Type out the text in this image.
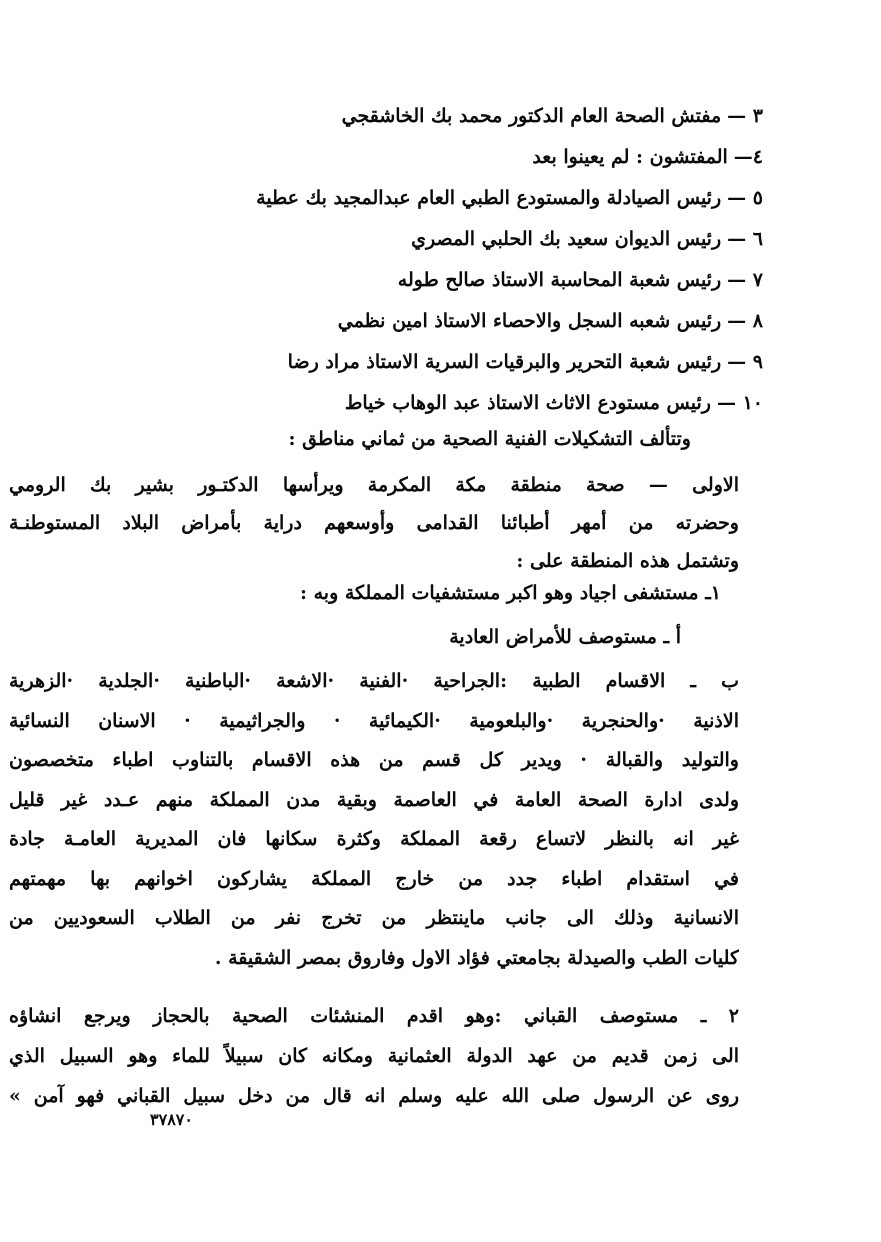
٣ —مفتش الصحة العام الدكتور محمد بك الخاشقجي
٤—المفتشون : لم يعينوا بعد
٥ —رئيس الصيادلة والمستودع الطبي العام عبدالمجيد بك عطية
٦ —رئيس الديوان سعيد بك الحلبي المصري
٧ —رئيس شعبة المحاسبة الاستاذ صالح طوله
٨ —رئيس شعبه السجل والاحصاء الاستاذ امين نظمي
٩ —رئيس شعبة التحرير والبرقيات السرية الاستاذ مراد رضا
١٠ —رئيس مستودع الاثاث الاستاذ عبد الوهاب خياط
وتتألف التشكيلات الفنية الصحية من ثماني مناطق :
الاولى — صحة منطقة مكة المكرمة ويرأسها الدكتـور بشير بك الرومي
وحضرته من أمهر أطبائنا القدامى وأوسعهم دراية بأمراض البلاد المستوطنـة
وتشتمل هذه المنطقة على :
١ـ مستشفى اجياد وهو اكبر مستشفيات المملكة وبه :
أ ـ مستوصف للأمراض العادية
ب ـ الاقسام الطبية :الجراحية ·الفنية ·الاشعة ·الباطنية ·الجلدية ·الزهرية
الاذنية ·والحنجرية ·والبلعومية ·الكيمائية · والجراثيمية · الاسنان النسائية
والتوليد والقبالة · ويدير كل قسم من هذه الاقسام بالتناوب اطباء متخصصون
ولدى ادارة الصحة العامة في العاصمة وبقية مدن المملكة منهم عـدد غير قليل
غير انه بالنظر لاتساع رقعة المملكة وكثرة سكانها فان المديرية العامـة جادة
في استقدام اطباء جدد من خارج المملكة يشاركون اخوانهم بها مهمتهم
الانسانية وذلك الى جانب ماينتظر من تخرج نفر من الطلاب السعوديين من
كليات الطب والصيدلة بجامعتي فؤاد الاول وفاروق بمصر الشقيقة .
٢ ـ مستوصف القباني :وهو اقدم المنشئات الصحية بالحجاز ويرجع انشاؤه
الى زمن قديم من عهد الدولة العثمانية ومكانه كان سبيلاً للماء وهو السبيل الذي
روى عن الرسول صلى الله عليه وسلم انه قال من دخل سبيل القباني فهو آمن »
٣٧٨٧٠
